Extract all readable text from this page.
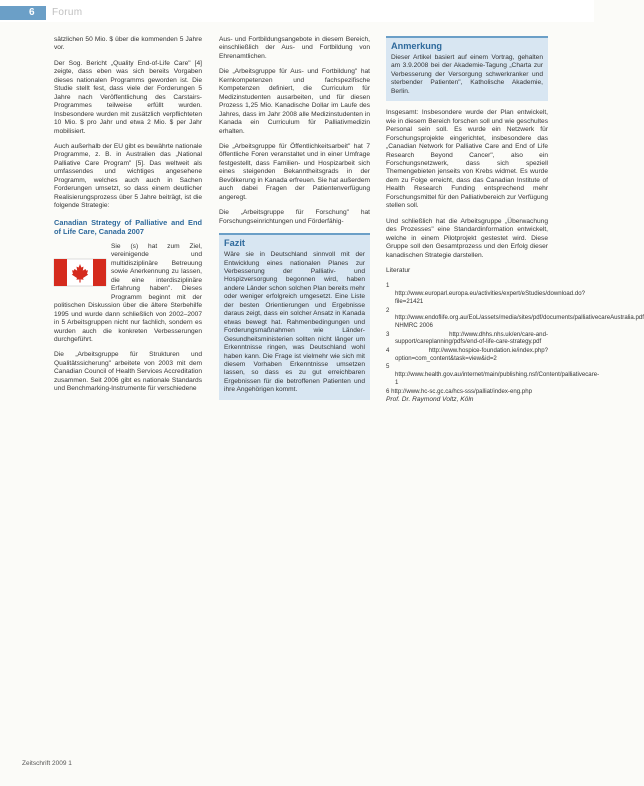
6 Forum

sätzlichen 50 Mio. $ über die kommenden 5 Jahre vor.

Der Sog. Bericht „Quality End-of-Life Care" [4] zeigte, dass eben was sich bereits Vorgaben dieses nationalen Programms geworden ist. Die Studie stellt fest, dass viele der Forderungen 5 Jahre nach Veröffentlichung des Carstairs-Programmes teilweise erfüllt wurden. Insbesondere wurden mit zusätzlich verpflichteten 10 Mio. $ pro Jahr und etwa 2 Mio. $ per Jahr mobilisiert.

Auch außerhalb der EU gibt es bewährte nationale Programme, z. B. in Australien das „National Palliative Care Program" [5]. Das weltweit als umfassendes und wichtiges angesehene Programm, welches auch auch in Sachen Forderungen umsetzt, so dass einem deutlicher Realisierungsprozess über 5 Jahre beiträgt, ist die folgende Strategie:

Canadian Strategy of Palliative and End of Life Care, Canada 2007

Sie (s) hat zum Ziel, vereinigende und multidisziplinäre Betreuung sowie Anerkennung zu lassen, die eine interdisziplinäre Erfahrung haben". Dieses Programm beginnt mit der politischen Diskussion über die ältere Sterbehilfe 1995 und wurde dann schließlich von 2002–2007 in 5 Arbeitsgruppen nicht nur fachlich, sondern es wurden auch die konkreten Verbesserungen durchgeführt.

Die „Arbeitsgruppe für Strukturen und Qualitätssicherung" arbeitete von 2003 mit dem Canadian Council of Health Services Accreditation zusammen. Seit 2006 gibt es nationale Standards und Benchmarking-Instrumente für verschiedene

Aus- und Fortbildungsangebote in diesem Bereich, einschließlich der Aus- und Fortbildung von Ehrenamtlichen.

Die „Arbeitsgruppe für Aus- und Fortbildung" hat Kernkompetenzen und fachspezifische Kompetenzen definiert, die Curriculum für Medizinstudenten ausarbeiten, und für diesen Prozess 1,25 Mio. Kanadische Dollar im Laufe des Jahres, dass im Jahr 2008 alle Medizinstudenten in Kanada ein Curriculum für Palliativmedizin erhalten.

Die „Arbeitsgruppe für Öffentlichkeitsarbeit" hat 7 öffentliche Foren veranstaltet und in einer Umfrage festgestellt, dass Familien- und Hospizarbeit sich eines steigenden Bekanntheitsgrads in der Bevölkerung in Kanada erfreuen. Sie hat außerdem auch dabei Fragen der Patientenverfügung angeregt.

Die „Arbeitsgruppe für Forschung" hat Forschungseinrichtungen und Förderfähig-

Fazit

Wäre sie in Deutschland sinnvoll mit der Entwicklung eines nationalen Planes zur Verbesserung der Palliativ- und Hospizversorgung begonnen wird, haben andere Länder schon solchen Plan bereits mehr oder weniger erfolgreich umgesetzt. Eine Liste der besten Orientierungen und Ergebnisse daraus zeigt, dass ein solcher Ansatz in Kanada etwas bewegt hat. Rahmenbedingungen und Forderungsmaßnahmen wie Länder-Gesundheitsministerien sollten nicht länger um Erkenntnisse ringen, was Deutschland wohl haben kann. Die Frage ist vielmehr wie sich mit diesem Vorhaben Erkenntnisse umsetzen lassen, so dass es zu gut erreichbaren Ergebnissen für die betroffenen Patienten und ihre Angehörigen kommt.

Anmerkung

Dieser Artikel basiert auf einem Vortrag, gehalten am 3.9.2008 bei der Akademie-Tagung „Charta zur Verbesserung der Versorgung schwerkranker und sterbender Patienten", Katholische Akademie, Berlin.

Insgesamt: Insbesondere wurde der Plan entwickelt, wie in diesem Bereich forschen soll und wie geschultes Personal sein soll. Es wurde ein Netzwerk für Forschungsprojekte eingerichtet, insbesondere das „Canadian Network for Palliative Care and End of Life Research Beyond Cancer", also ein Forschungsnetzwerk, dass sich speziell Themengebieten jenseits von Krebs widmet. Es wurde dem zu Folge erreicht, dass das Canadian Institute of Health Research Funding entsprechend mehr Forschungsmittel für den Palliativbereich zur Verfügung stellen soll.

Und schließlich hat die Arbeitsgruppe „Überwachung des Prozesses" eine Standardinformation entwickelt, welche in einem Pilotprojekt gestestet wird. Diese Gruppe soll den Gesamtprozess und den Erfolg dieser kanadischen Strategie darstellen.

Literatur

1 http://www.europarl.europa.eu/activities/expert/eStudies/download.do?file=21421
2 http://www.endoflife.org.au/EoL/assets/media/sites/pdf/documents/palliativecareAustralia.pdf NHMRC 2006
3 http://www.dhhs.nhs.uk/en/care-and-support/careplanning/pdfs/end-of-life-care-strategy.pdf
4 http://www.hospice-foundation.ie/index.php?option=com_content&task=view&id=2
5 http://www.health.gov.au/internet/main/publishing.nsf/Content/palliativecare-1
6 http://www.hc-sc.gc.ca/hcs-sss/palliat/index-eng.php

Prof. Dr. Raymond Voltz, Köln

Zeitschrift 2009 1
